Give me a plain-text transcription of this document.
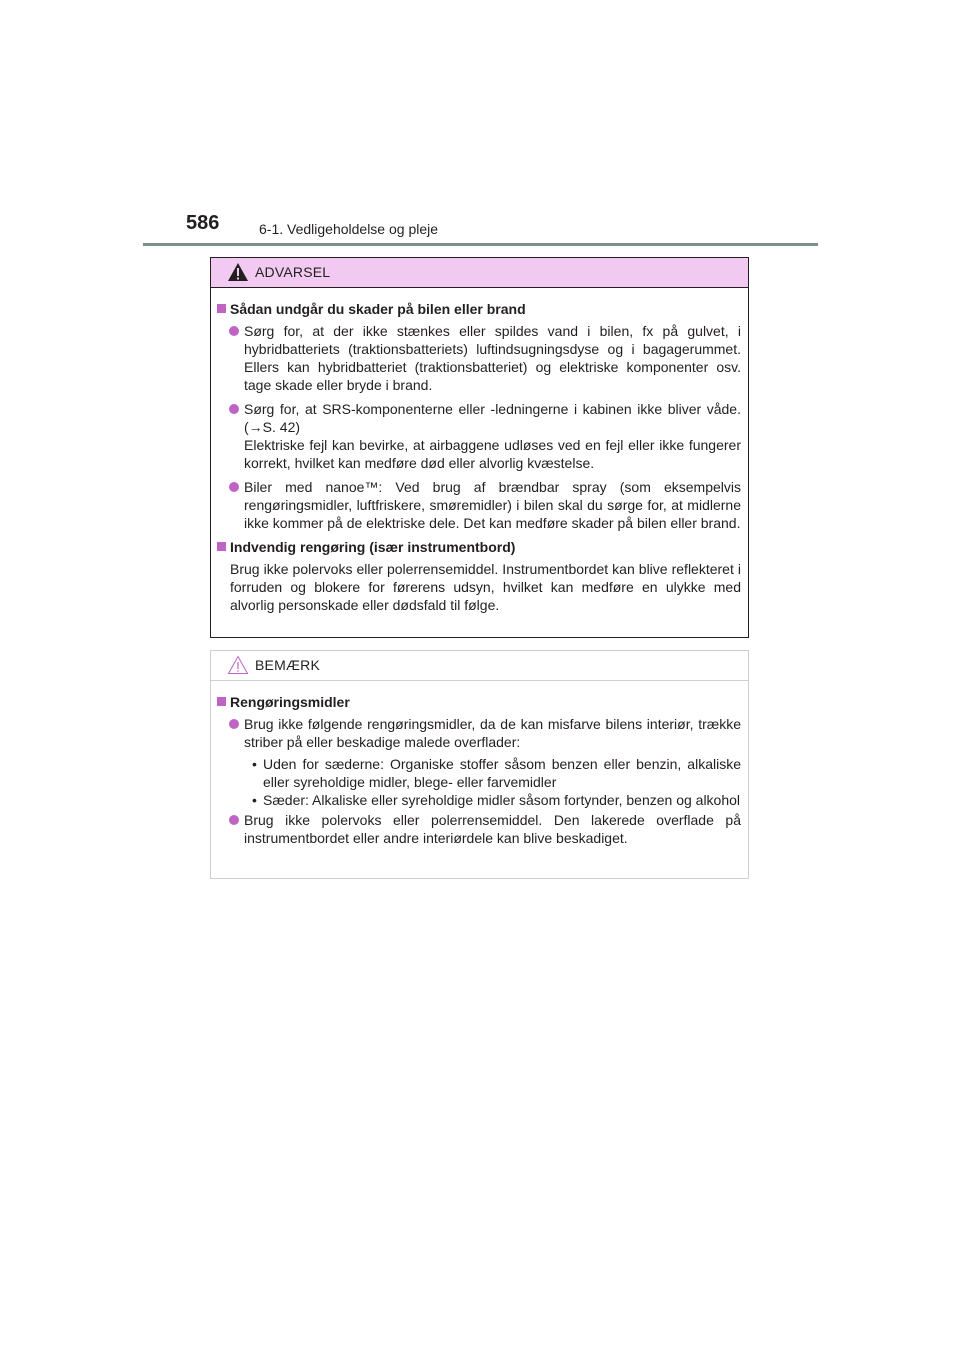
586	6-1. Vedligeholdelse og pleje
ADVARSEL
Sådan undgår du skader på bilen eller brand
Sørg for, at der ikke stænkes eller spildes vand i bilen, fx på gulvet, i hybridbatteriets (traktionsbatteriets) luftindsugningsdyse og i bagagerummet. Ellers kan hybridbatteriet (traktionsbatteriet) og elektriske komponenter osv. tage skade eller bryde i brand.
Sørg for, at SRS-komponenterne eller -ledningerne i kabinen ikke bliver våde. (→S. 42)
Elektriske fejl kan bevirke, at airbaggene udløses ved en fejl eller ikke fungerer korrekt, hvilket kan medføre død eller alvorlig kvæstelse.
Biler med nanoe™: Ved brug af brændbar spray (som eksempelvis rengøringsmidler, luftfriskere, smøremidler) i bilen skal du sørge for, at midlerne ikke kommer på de elektriske dele. Det kan medføre skader på bilen eller brand.
Indvendig rengøring (især instrumentbord)
Brug ikke polervoks eller polerrensemiddel. Instrumentbordet kan blive reflekteret i forruden og blokere for førerens udsyn, hvilket kan medføre en ulykke med alvorlig personskade eller dødsfald til følge.
BEMÆRK
Rengøringsmidler
Brug ikke følgende rengøringsmidler, da de kan misfarve bilens interiør, trække striber på eller beskadige malede overflader:
• Uden for sæderne: Organiske stoffer såsom benzen eller benzin, alkaliske eller syreholdige midler, blege- eller farvemidler
• Sæder: Alkaliske eller syreholdige midler såsom fortynder, benzen og alkohol
Brug ikke polervoks eller polerrensemiddel. Den lakerede overflade på instrumentbordet eller andre interiørdele kan blive beskadiget.
